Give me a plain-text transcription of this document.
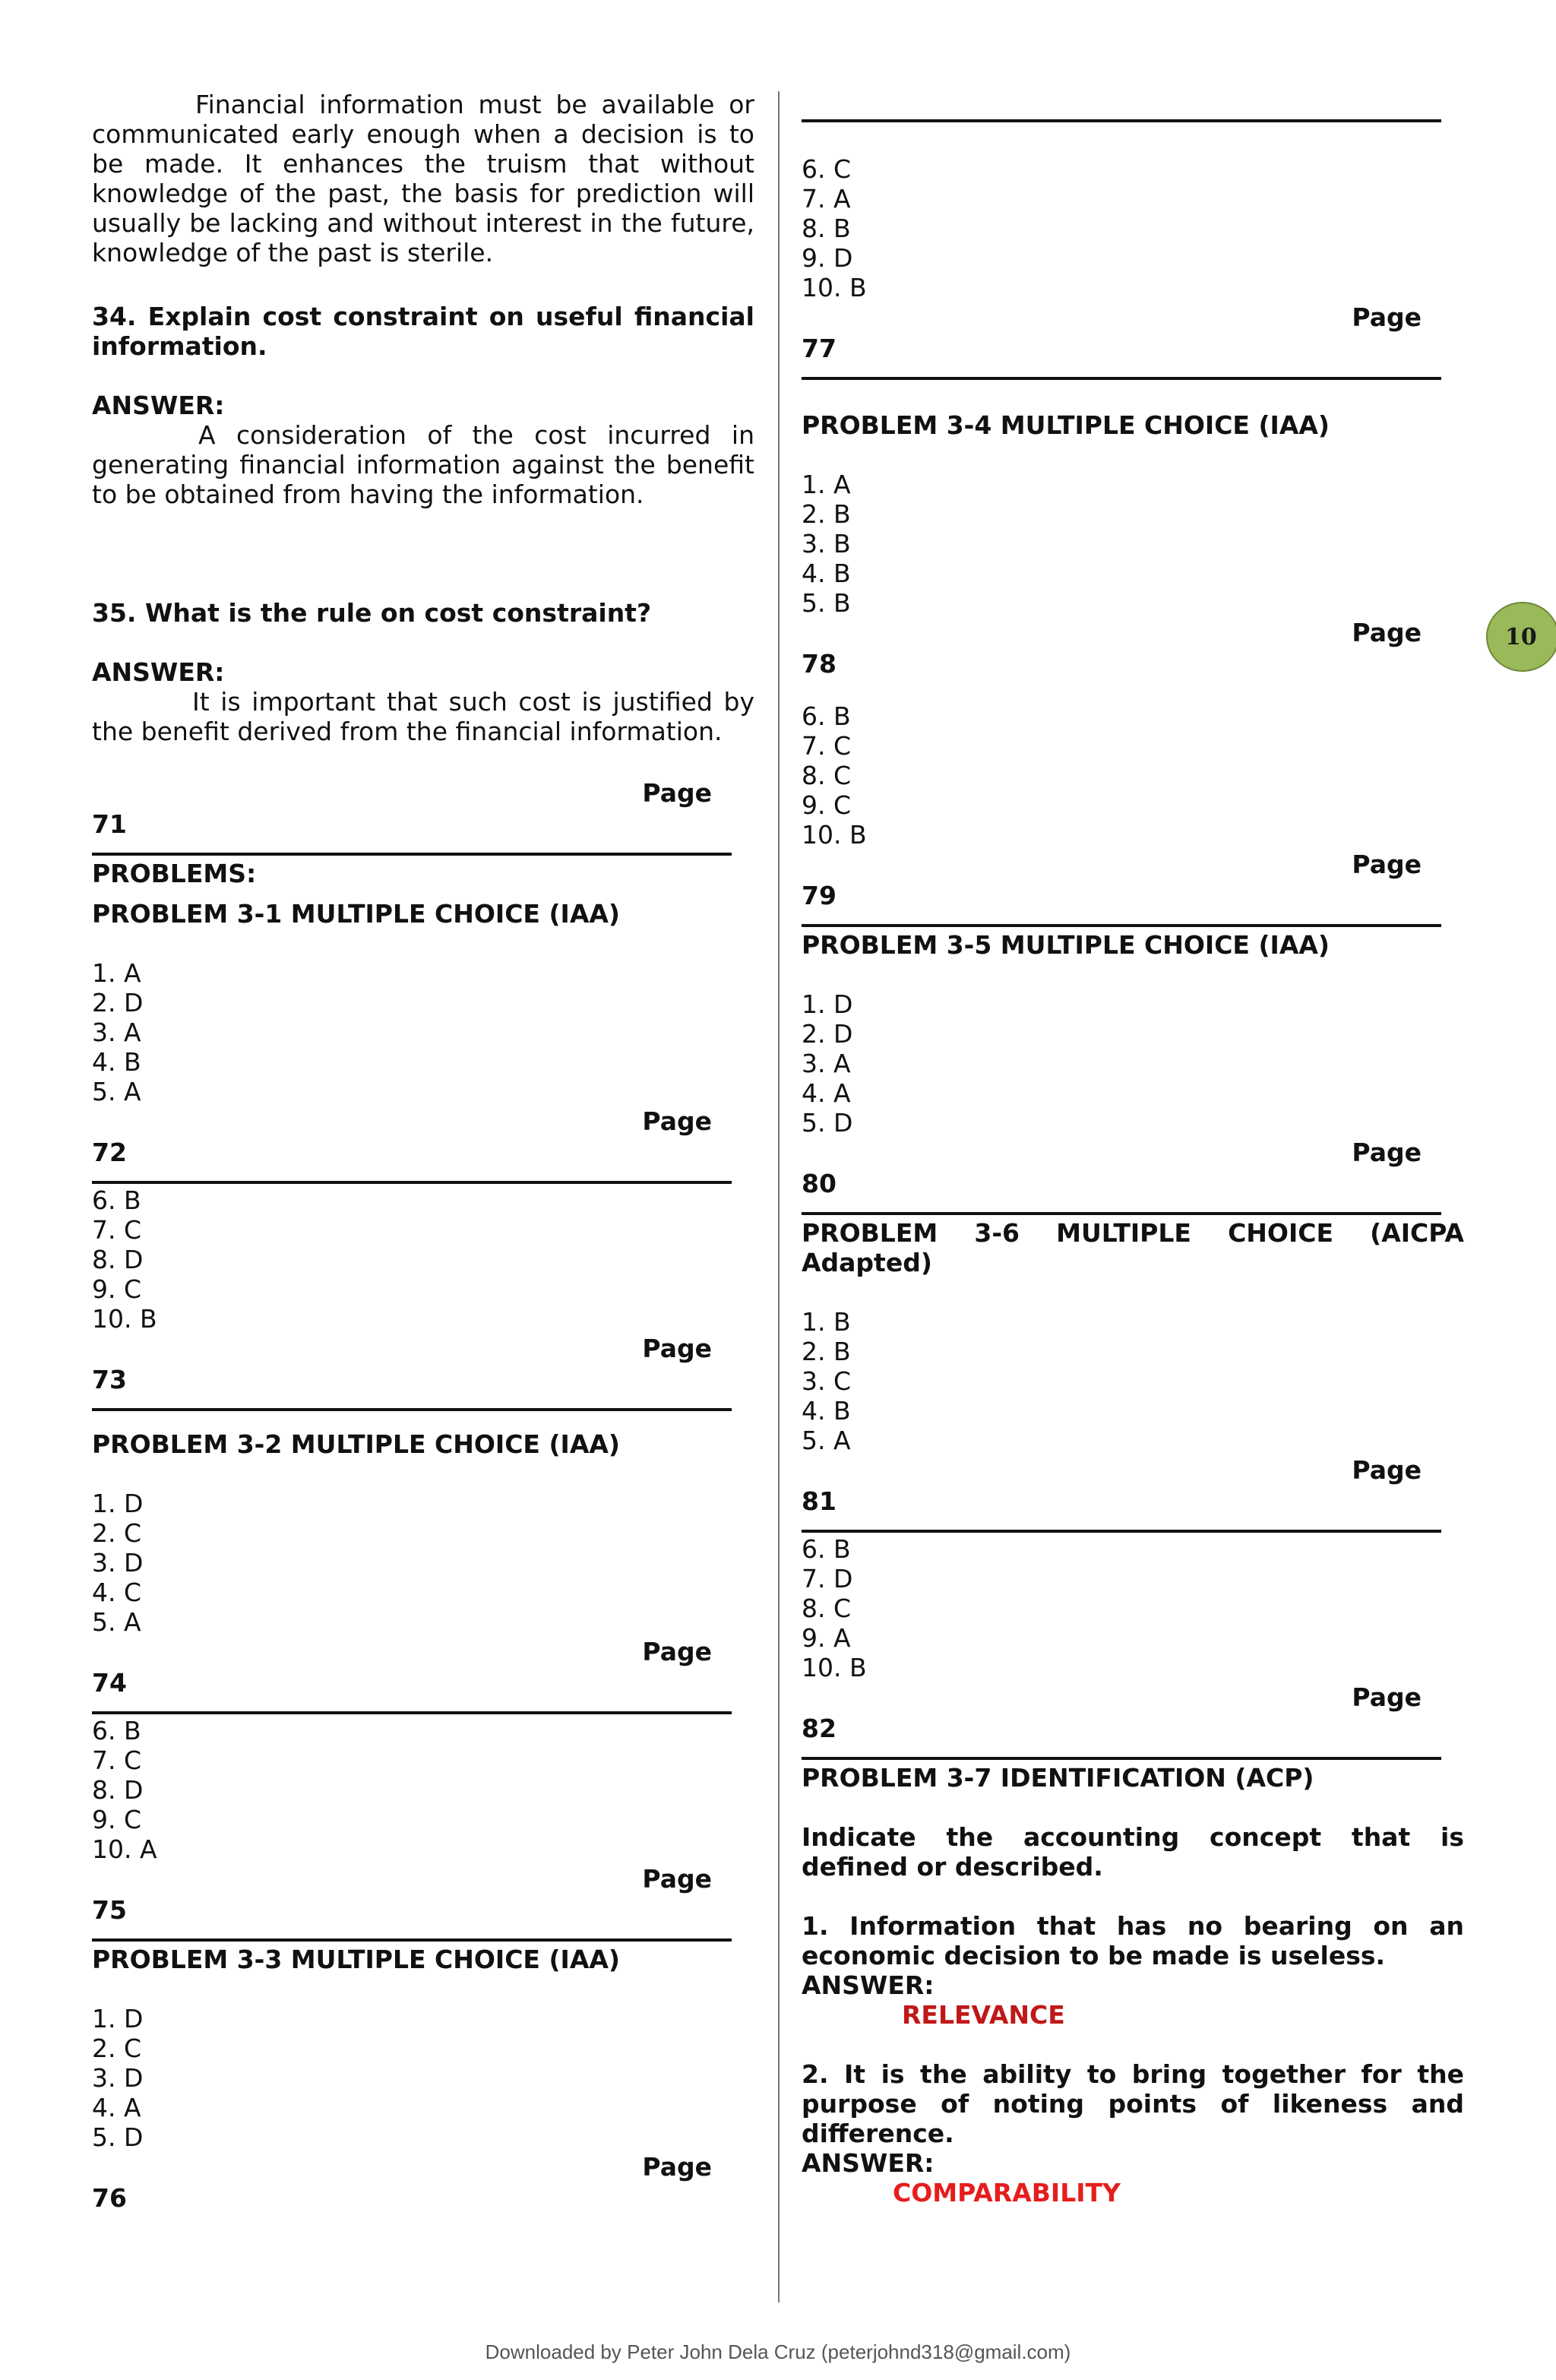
Financial information must be available or communicated early enough when a decision is to be made. It enhances the truism that without knowledge of the past, the basis for prediction will usually be lacking and without interest in the future, knowledge of the past is sterile.

34. Explain cost constraint on useful financial information.

ANSWER:

A consideration of the cost incurred in generating financial information against the benefit to be obtained from having the information.

35. What is the rule on cost constraint?

ANSWER:

It is important that such cost is justified by the benefit derived from the financial information.

Page

71

PROBLEMS:

PROBLEM 3-1 MULTIPLE CHOICE (IAA)

1. A
2. D
3. A
4. B
5. A
Page

72

6. B
7. C
8. D
9. C
10. B
Page

73

PROBLEM 3-2 MULTIPLE CHOICE (IAA)

1. D
2. C
3. D
4. C
5. A
Page

74

6. B
7. C
8. D
9. C
10. A
Page

75

PROBLEM 3-3 MULTIPLE CHOICE (IAA)

1. D
2. C
3. D
4. A
5. D
Page

76

6. C
7. A
8. B
9. D
10. B
Page

77

PROBLEM 3-4 MULTIPLE CHOICE (IAA)

1. A
2. B
3. B
4. B
5. B
Page

78

6. B
7. C
8. C
9. C
10. B
Page

79

PROBLEM 3-5 MULTIPLE CHOICE (IAA)

1. D
2. D
3. A
4. A
5. D
Page

80

PROBLEM 3-6 MULTIPLE CHOICE (AICPA

Adapted)

1. B
2. B
3. C
4. B
5. A
Page

81

6. B
7. D
8. C
9. A
10. B
Page

82

PROBLEM 3-7 IDENTIFICATION (ACP)

Indicate the accounting concept that is defined or described.

1. Information that has no bearing on an economic decision to be made is useless.

ANSWER:

RELEVANCE

2. It is the ability to bring together for the purpose of noting points of likeness and difference.

ANSWER:

COMPARABILITY

10
Downloaded by Peter John Dela Cruz (peterjohnd318@gmail.com)
